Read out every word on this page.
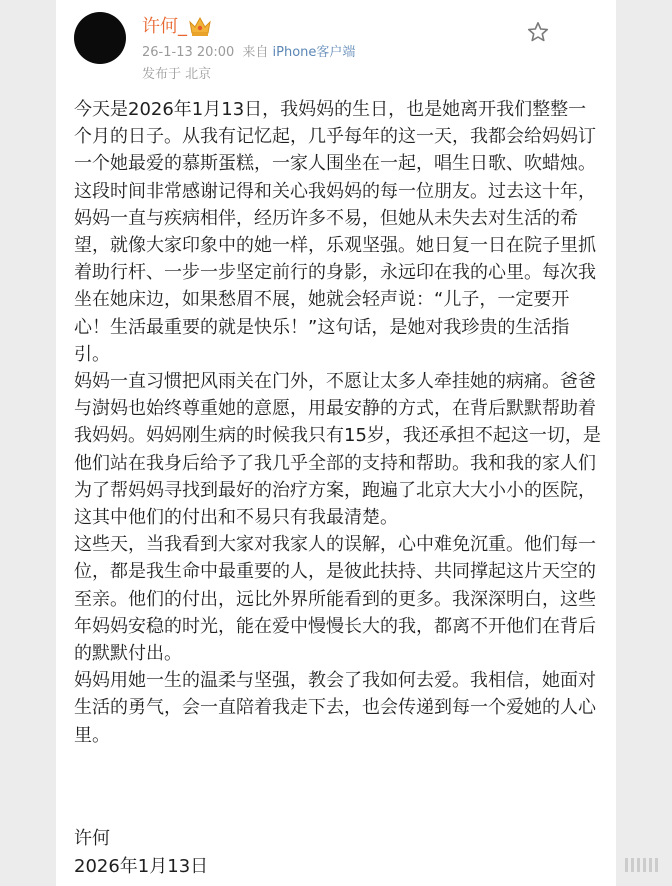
许何_
26-1-13 20:00 来自 iPhone客户端
发布于 北京

今天是2026年1月13日，我妈妈的生日，也是她离开我们整整一个月的日子。从我有记忆起，几乎每年的这一天，我都会给妈妈订一个她最爱的慕斯蛋糕，一家人围坐在一起，唱生日歌、吹蜡烛。

这段时间非常感谢记得和关心我妈妈的每一位朋友。过去这十年，妈妈一直与疾病相伴，经历许多不易，但她从未失去对生活的希望，就像大家印象中的她一样，乐观坚强。她日复一日在院子里抓着助行杆、一步一步坚定前行的身影，永远印在我的心里。每次我坐在她床边，如果愁眉不展，她就会轻声说：“儿子，一定要开心！生活最重要的就是快乐！”这句话，是她对我珍贵的生活指引。

妈妈一直习惯把风雨关在门外，不愿让太多人牵挂她的病痛。爸爸与澍妈也始终尊重她的意愿，用最安静的方式，在背后默默帮助着我妈妈。妈妈刚生病的时候我只有15岁，我还承担不起这一切，是他们站在我身后给予了我几乎全部的支持和帮助。我和我的家人们为了帮妈妈寻找到最好的治疗方案，跑遍了北京大大小小的医院，这其中他们的付出和不易只有我最清楚。

这些天，当我看到大家对我家人的误解，心中难免沉重。他们每一位，都是我生命中最重要的人，是彼此扶持、共同撑起这片天空的至亲。他们的付出，远比外界所能看到的更多。我深深明白，这些年妈妈安稳的时光，能在爱中慢慢长大的我，都离不开他们在背后的默默付出。

妈妈用她一生的温柔与坚强，教会了我如何去爱。我相信，她面对生活的勇气，会一直陪着我走下去，也会传递到每一个爱她的人心里。

许何
2026年1月13日
